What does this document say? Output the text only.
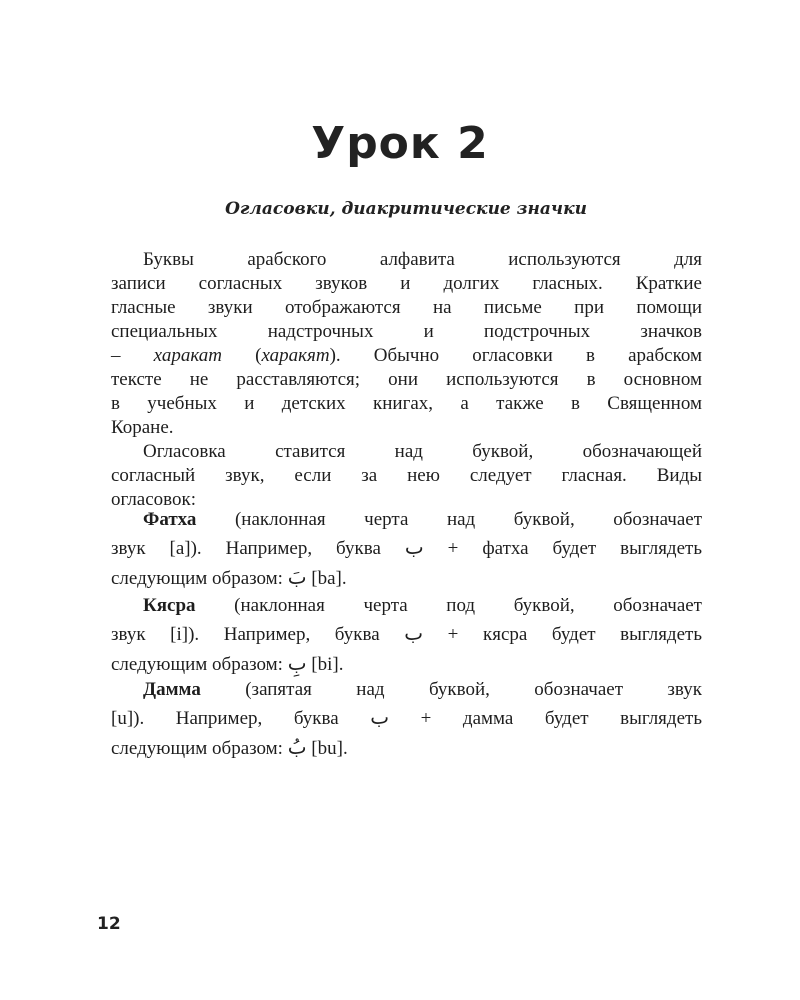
Урок 2
Огласовки, диакритические значки
Буквы арабского алфавита используются для
записи согласных звуков и долгих гласных. Краткие
гласные звуки отображаются на письме при помощи
специальных надстрочных и подстрочных значков
– харакат (харакят). Обычно огласовки в арабском
тексте не расставляются; они используются в основном
в учебных и детских книгах, а также в Священном
Коране.
Огласовка ставится над буквой, обозначающей
согласный звук, если за нею следует гласная. Виды
огласовок:
Фатха (наклонная черта над буквой, обозначает
звук [a]). Например, буква ب + фатха будет выглядеть
следующим образом: بَ [ba].
Кясра (наклонная черта под буквой, обозначает
звук [i]). Например, буква ب + кясра будет выглядеть
следующим образом: بِ [bi].
Дамма (запятая над буквой, обозначает звук
[u]). Например, буква ب + дамма будет выглядеть
следующим образом: بُ [bu].
12
